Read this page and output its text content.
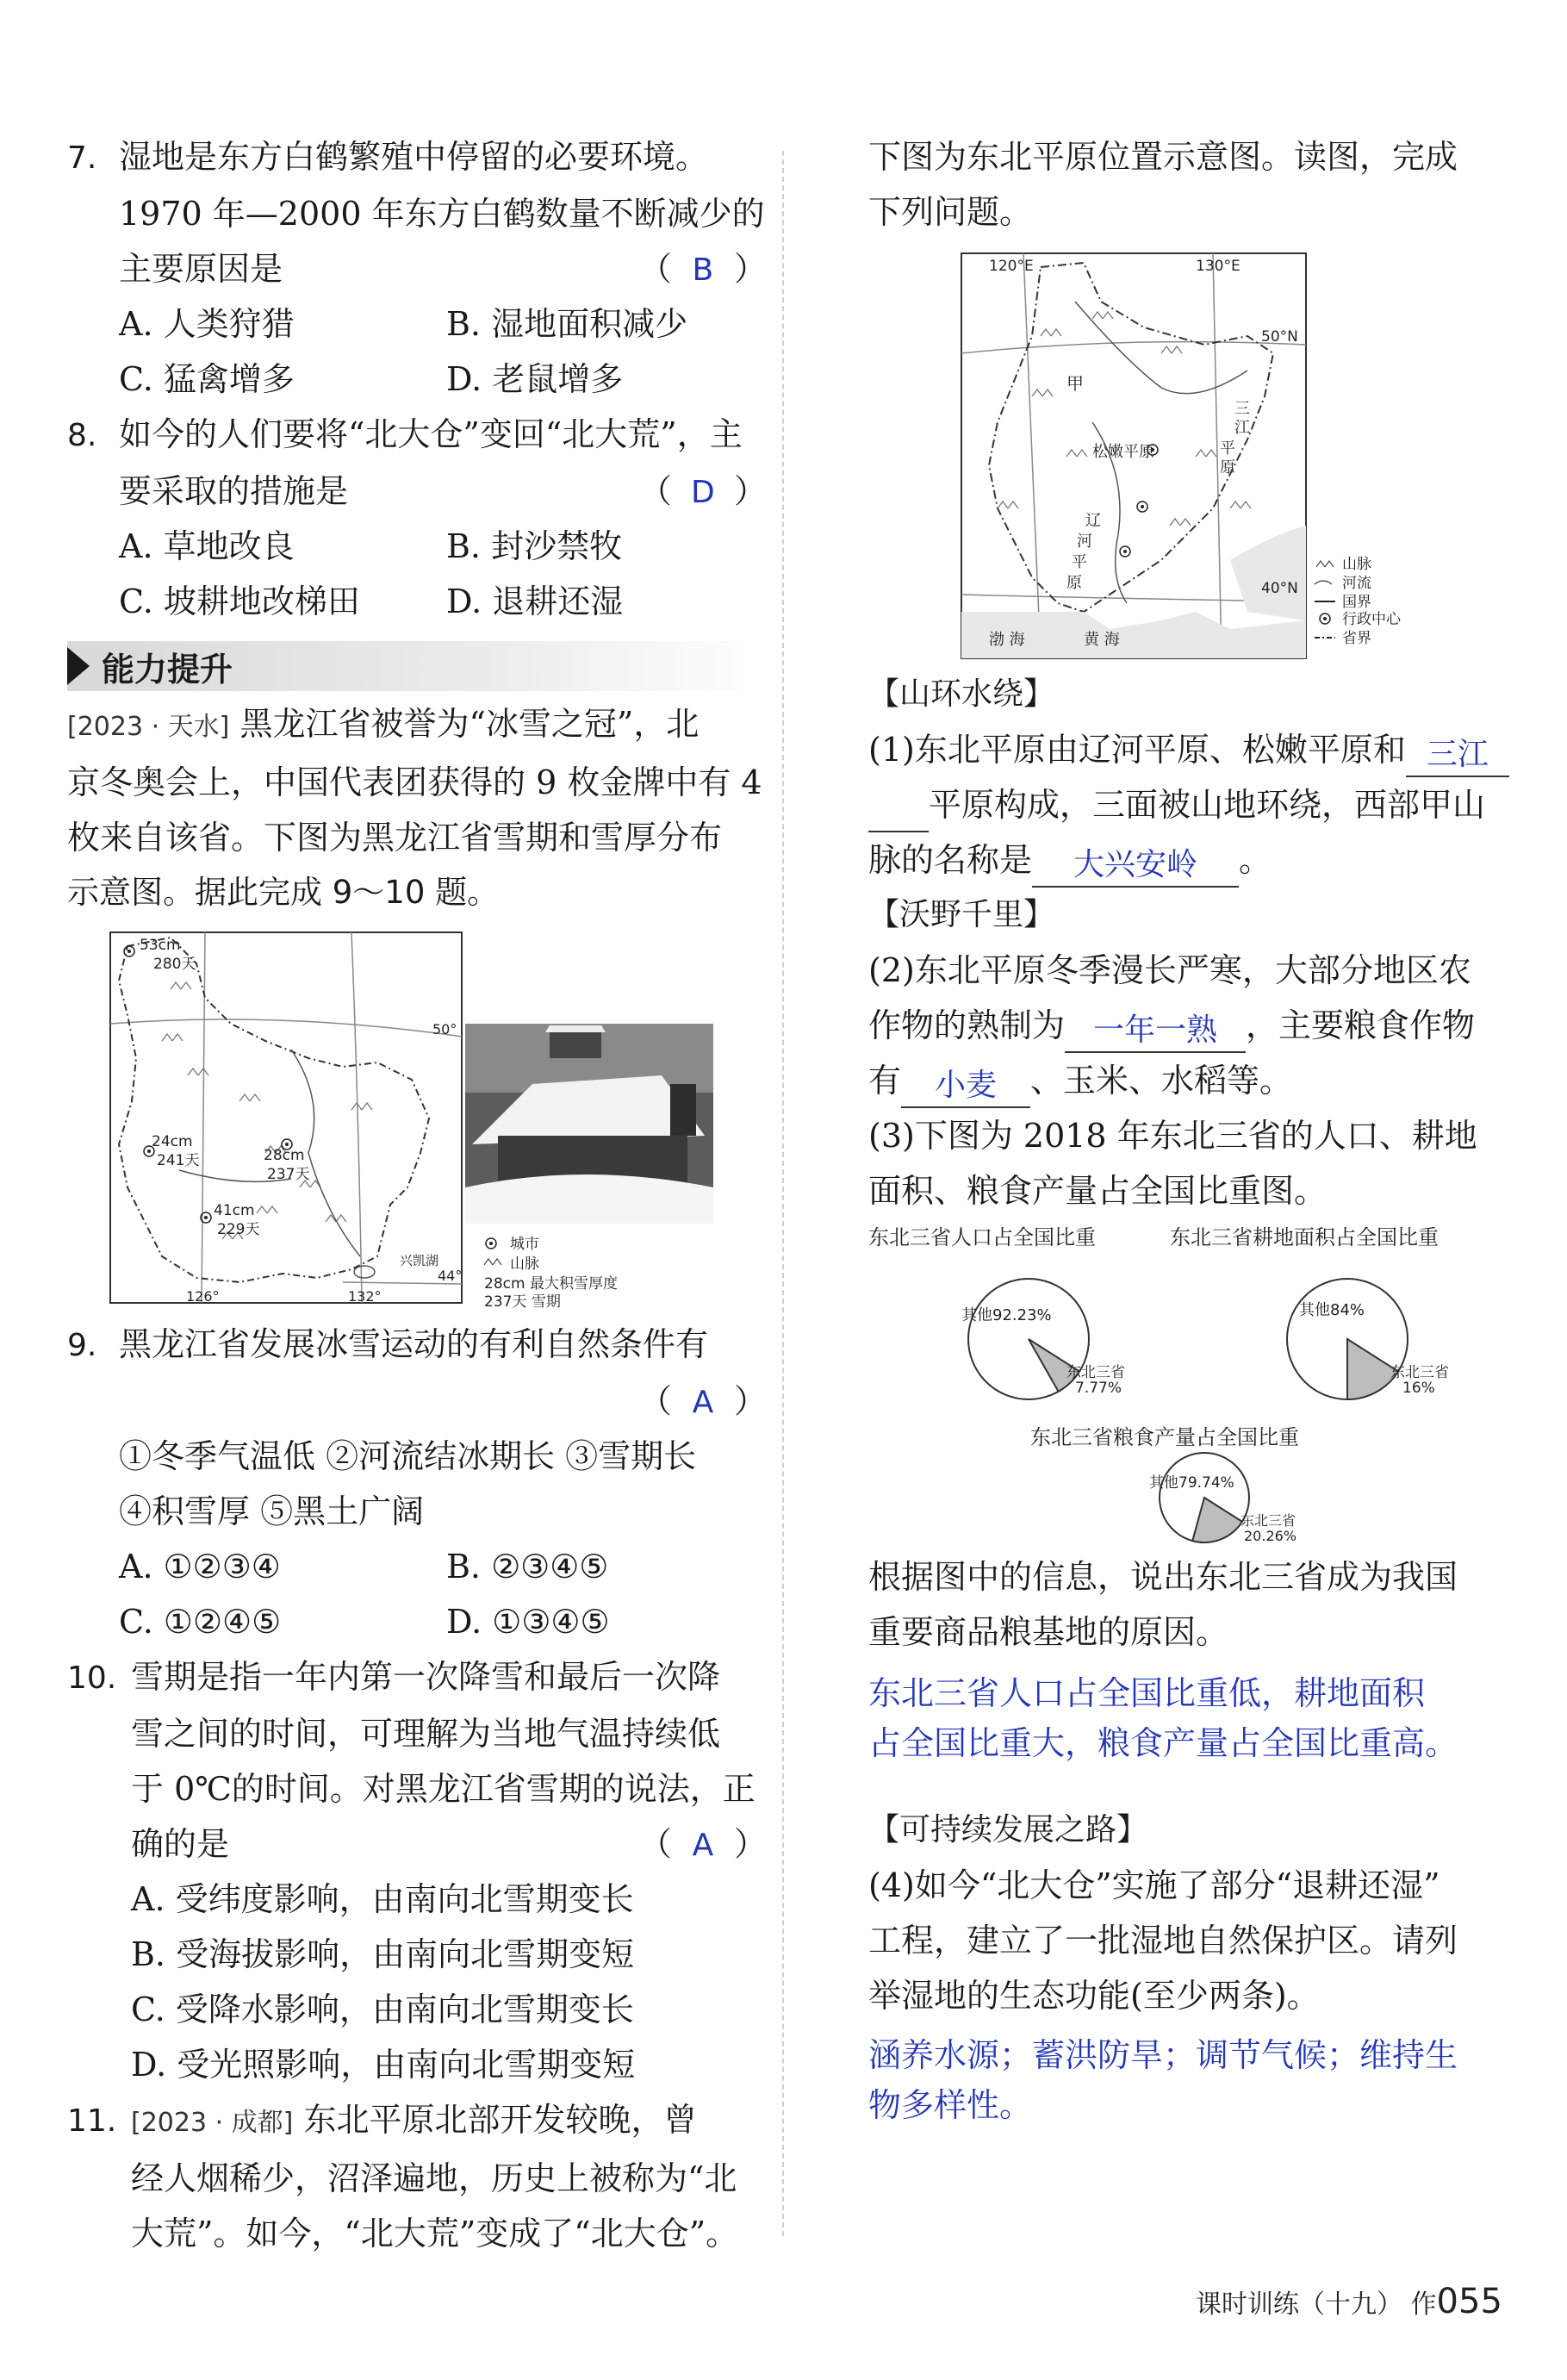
7. 湿地是东方白鹤繁殖中停留的必要环境。
1970 年—2000 年东方白鹤数量不断减少的
主要原因是	（ B ）
A. 人类狩猎	B. 湿地面积减少
C. 猛禽增多	D. 老鼠增多
8. 如今的人们要将“北大仓”变回“北大荒”，主
要采取的措施是	（ D ）
A. 草地改良	B. 封沙禁牧
C. 坡耕地改梯田	D. 退耕还湿
能力提升
[2023 · 天水] 黑龙江省被誉为“冰雪之冠”，北
京冬奥会上，中国代表团获得的 9 枚金牌中有 4
枚来自该省。下图为黑龙江省雪期和雪厚分布
示意图。据此完成 9～10 题。
53cm
280天
24cm
241天	28cm
237天
41cm
229天
50°
44°
126°	132°
兴凯湖
城市
山脉
28cm 最大积雪厚度
237天 雪期
9. 黑龙江省发展冰雪运动的有利自然条件有
（ A ）
①冬季气温低 ②河流结冰期长 ③雪期长
④积雪厚 ⑤黑土广阔
A. ①②③④	B. ②③④⑤
C. ①②④⑤	D. ①③④⑤
10. 雪期是指一年内第一次降雪和最后一次降
雪之间的时间，可理解为当地气温持续低
于 0℃的时间。对黑龙江省雪期的说法，正
确的是	（ A ）
A. 受纬度影响，由南向北雪期变长
B. 受海拔影响，由南向北雪期变短
C. 受降水影响，由南向北雪期变长
D. 受光照影响，由南向北雪期变短
11. [2023 · 成都] 东北平原北部开发较晚，曾
经人烟稀少，沼泽遍地，历史上被称为“北
大荒”。如今，“北大荒”变成了“北大仓”。
下图为东北平原位置示意图。读图，完成
下列问题。
120°E	130°E
50°N
40°N
甲
松嫩平原
三
江
平
原
辽
河
平
原
渤 海	黄 海
山脉
河流
国界
行政中心
省界
【山环水绕】
(1)东北平原由辽河平原、松嫩平原和 三江
平原构成，三面被山地环绕，西部甲山
脉的名称是 大兴安岭 。
【沃野千里】
(2)东北平原冬季漫长严寒，大部分地区农
作物的熟制为 一年一熟 ，主要粮食作物
有 小麦 、玉米、水稻等。
(3)下图为 2018 年东北三省的人口、耕地
面积、粮食产量占全国比重图。
东北三省人口占全国比重	东北三省耕地面积占全国比重
东北三省粮食产量占全国比重
其他92.23%
东北三省
7.77%
其他84%
东北三省
16%
其他79.74%
东北三省
20.26%
根据图中的信息，说出东北三省成为我国
重要商品粮基地的原因。
东北三省人口占全国比重低，耕地面积
占全国比重大，粮食产量占全国比重高。
【可持续发展之路】
(4)如今“北大仓”实施了部分“退耕还湿”
工程，建立了一批湿地自然保护区。请列
举湿地的生态功能(至少两条)。
涵养水源；蓄洪防旱；调节气候；维持生
物多样性。
课时训练（十九） 作055
